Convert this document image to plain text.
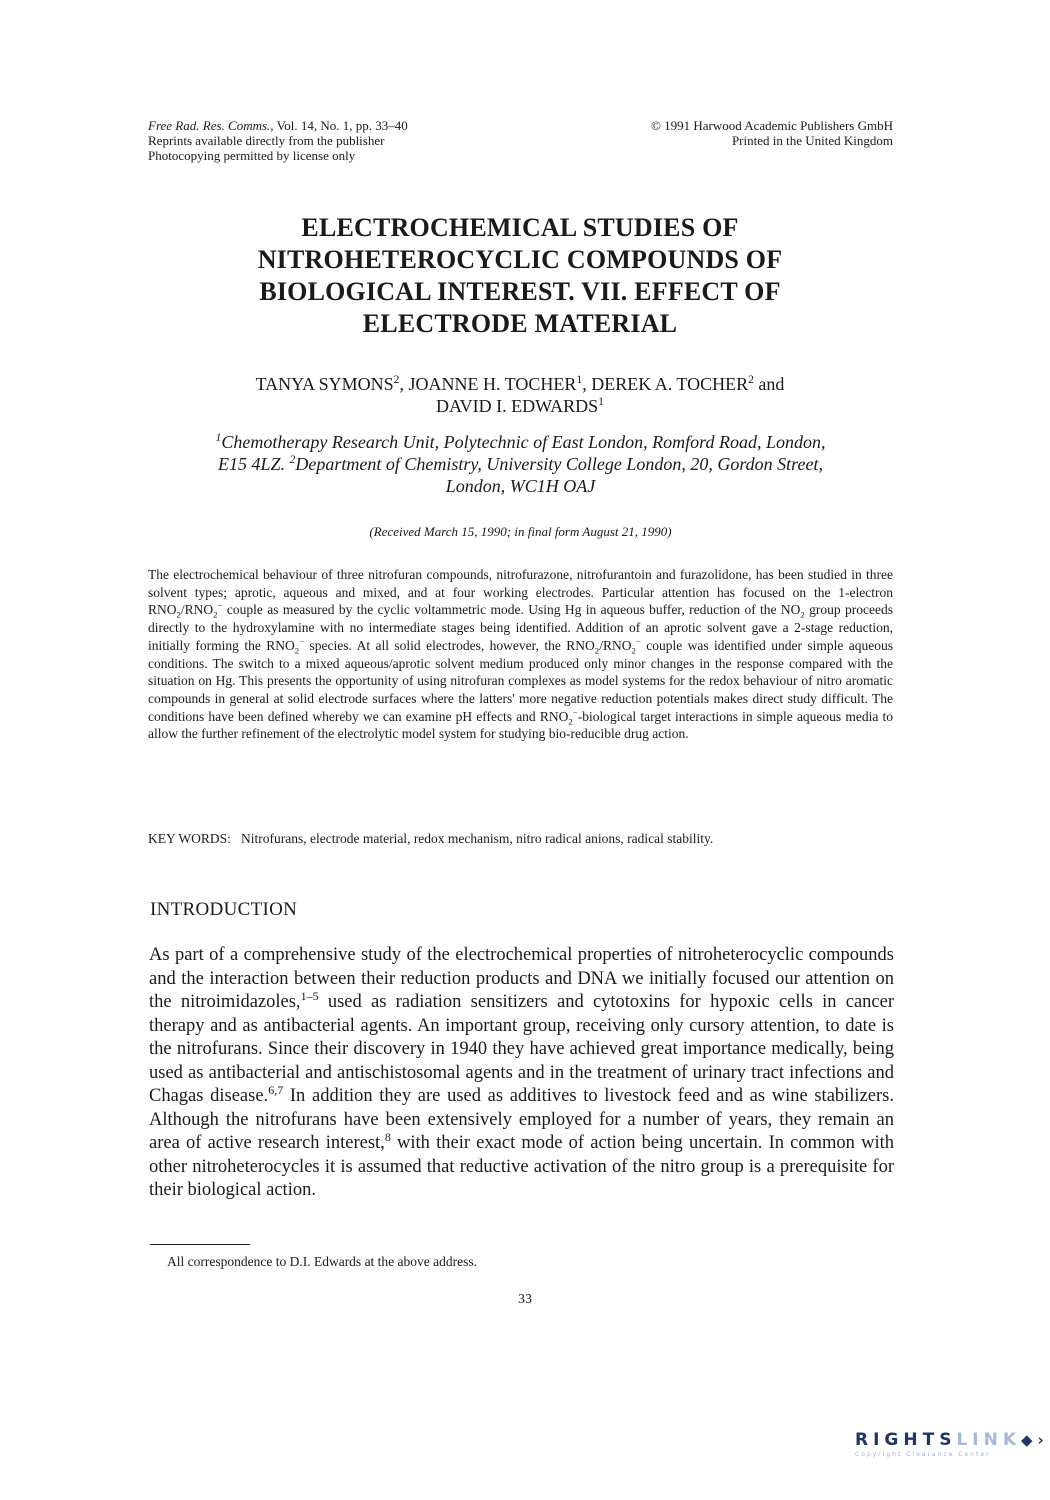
Free Rad. Res. Comms., Vol. 14, No. 1, pp. 33–40
Reprints available directly from the publisher
Photocopying permitted by license only
© 1991 Harwood Academic Publishers GmbH
Printed in the United Kingdom
ELECTROCHEMICAL STUDIES OF
NITROHETEROCYCLIC COMPOUNDS OF
BIOLOGICAL INTEREST. VII. EFFECT OF
ELECTRODE MATERIAL
TANYA SYMONS$^2$, JOANNE H. TOCHER$^1$, DEREK A. TOCHER$^2$ and
DAVID I. EDWARDS$^1$
$^1$Chemotherapy Research Unit, Polytechnic of East London, Romford Road, London,
E15 4LZ. $^2$Department of Chemistry, University College London, 20, Gordon Street,
London, WC1H OAJ
(Received March 15, 1990; in final form August 21, 1990)

The electrochemical behaviour of three nitrofuran compounds, nitrofurazone, nitrofurantoin and furazolidone, has been studied in three solvent types; aprotic, aqueous and mixed, and at four working electrodes. Particular attention has focused on the 1-electron $RNO_2/RNO_2^-$ couple as measured by the cyclic voltammetric mode. Using Hg in aqueous buffer, reduction of the $NO_2$ group proceeds directly to the hydroxylamine with no intermediate stages being identified. Addition of an aprotic solvent gave a 2-stage reduction, initially forming the $RNO_2^-$ species. At all solid electrodes, however, the $RNO_2/RNO_2^-$ couple was identified under simple aqueous conditions. The switch to a mixed aqueous/aprotic solvent medium produced only minor changes in the response compared with the situation on Hg. This presents the opportunity of using nitrofuran complexes as model systems for the redox behaviour of nitro aromatic compounds in general at solid electrode surfaces where the latters' more negative reduction potentials makes direct study difficult. The conditions have been defined whereby we can examine pH effects and $RNO_2^-$-biological target interactions in simple aqueous media to allow the further refinement of the electrolytic model system for studying bio-reducible drug action.

KEY WORDS: Nitrofurans, electrode material, redox mechanism, nitro radical anions, radical stability.
INTRODUCTION

As part of a comprehensive study of the electrochemical properties of nitroheterocyclic compounds and the interaction between their reduction products and DNA we initially focused our attention on the nitroimidazoles,$^{1-5}$ used as radiation sensitizers and cytotoxins for hypoxic cells in cancer therapy and as antibacterial agents. An important group, receiving only cursory attention, to date is the nitrofurans. Since their discovery in 1940 they have achieved great importance medically, being used as antibacterial and antischistosomal agents and in the treatment of urinary tract infections and Chagas disease.$^{6,7}$ In addition they are used as additives to livestock feed and as wine stabilizers. Although the nitrofurans have been extensively employed for a number of years, they remain an area of active research interest,$^8$ with their exact mode of action being uncertain. In common with other nitroheterocycles it is assumed that reductive activation of the nitro group is a prerequisite for their biological action.

All correspondence to D.I. Edwards at the above address.
33
RIGHTSLINK◆›
Copyright Clearance Center
